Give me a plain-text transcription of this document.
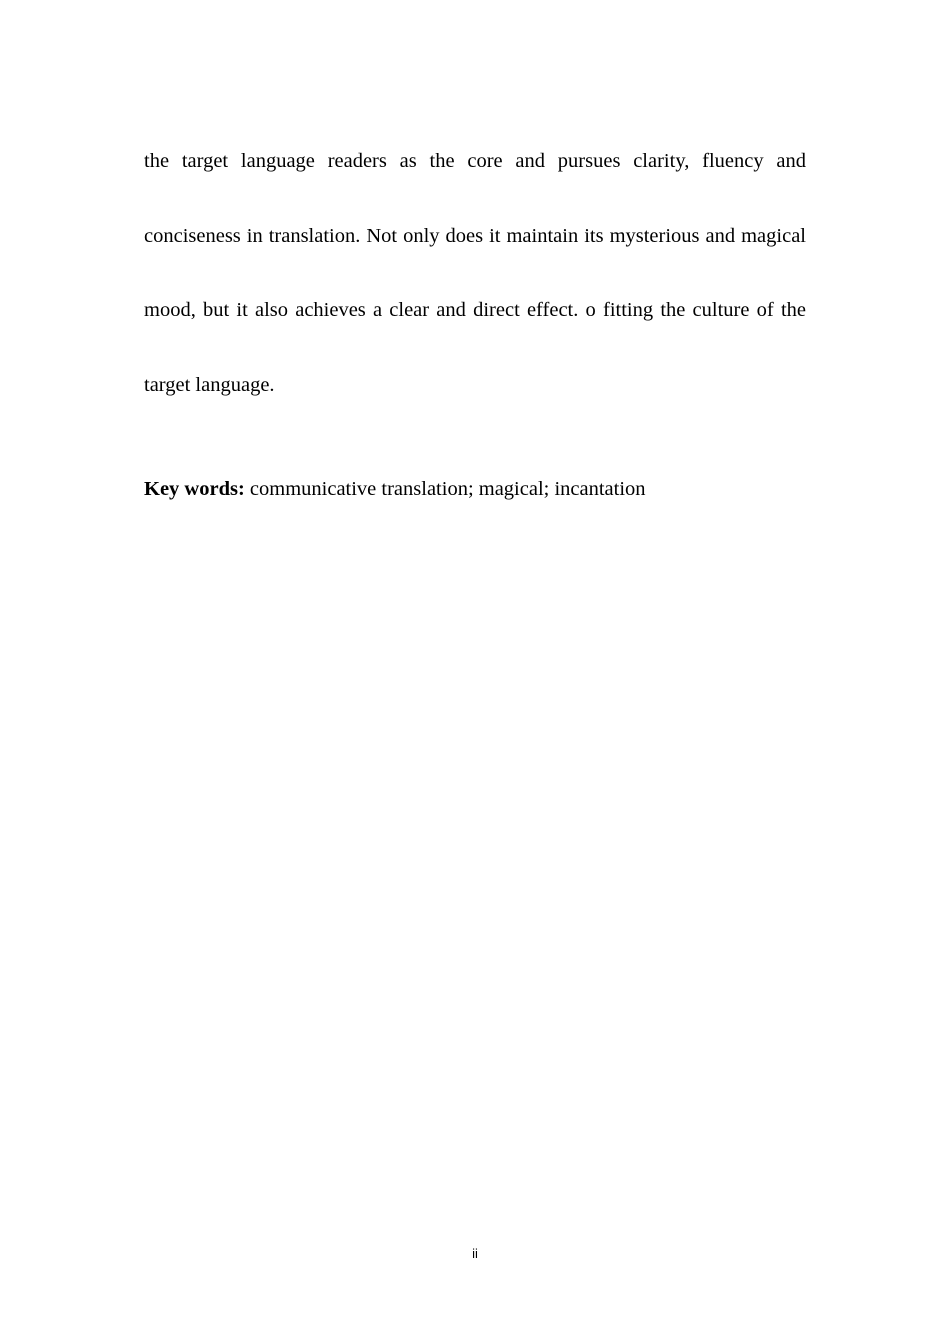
the target language readers as the core and pursues clarity, fluency and conciseness in translation. Not only does it maintain its mysterious and magical mood, but it also achieves a clear and direct effect. o fitting the culture of the target language.

Key words: communicative translation; magical; incantation

ii
